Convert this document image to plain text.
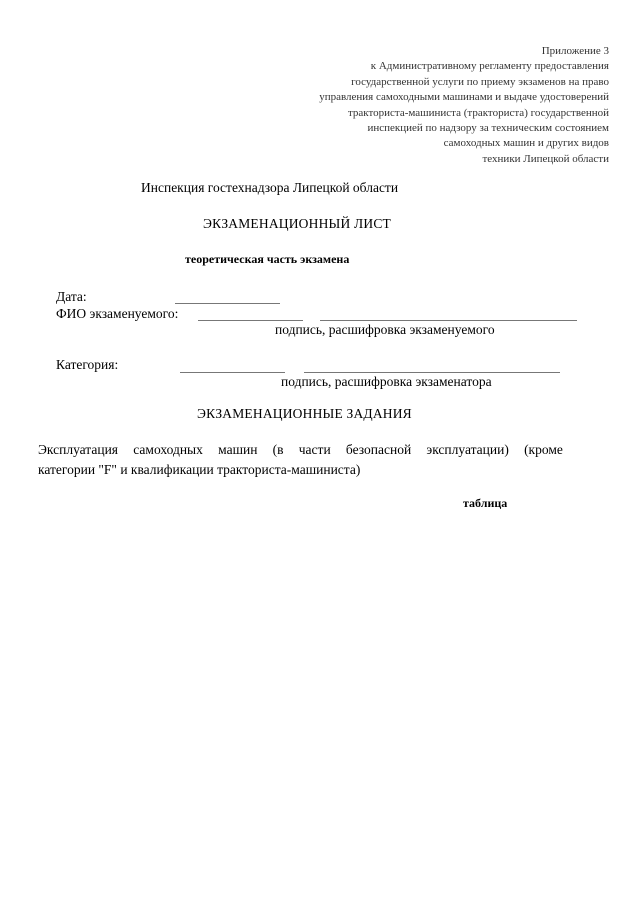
Приложение 3
к Административному регламенту предоставления
государственной услуги по приему экзаменов на право
управления самоходными машинами и выдаче удостоверений
тракториста-машиниста (тракториста) государственной
инспекцией по надзору за техническим состоянием
самоходных машин и других видов
техники Липецкой области
Инспекция гостехнадзора Липецкой области
ЭКЗАМЕНАЦИОННЫЙ ЛИСТ
теоретическая часть экзамена
Дата:
ФИО экзаменуемого:
подпись, расшифровка экзаменуемого
Категория:
подпись, расшифровка экзаменатора
ЭКЗАМЕНАЦИОННЫЕ ЗАДАНИЯ
Эксплуатация самоходных машин (в части безопасной эксплуатации) (кроме
категории "F" и квалификации тракториста-машиниста)
таблица
